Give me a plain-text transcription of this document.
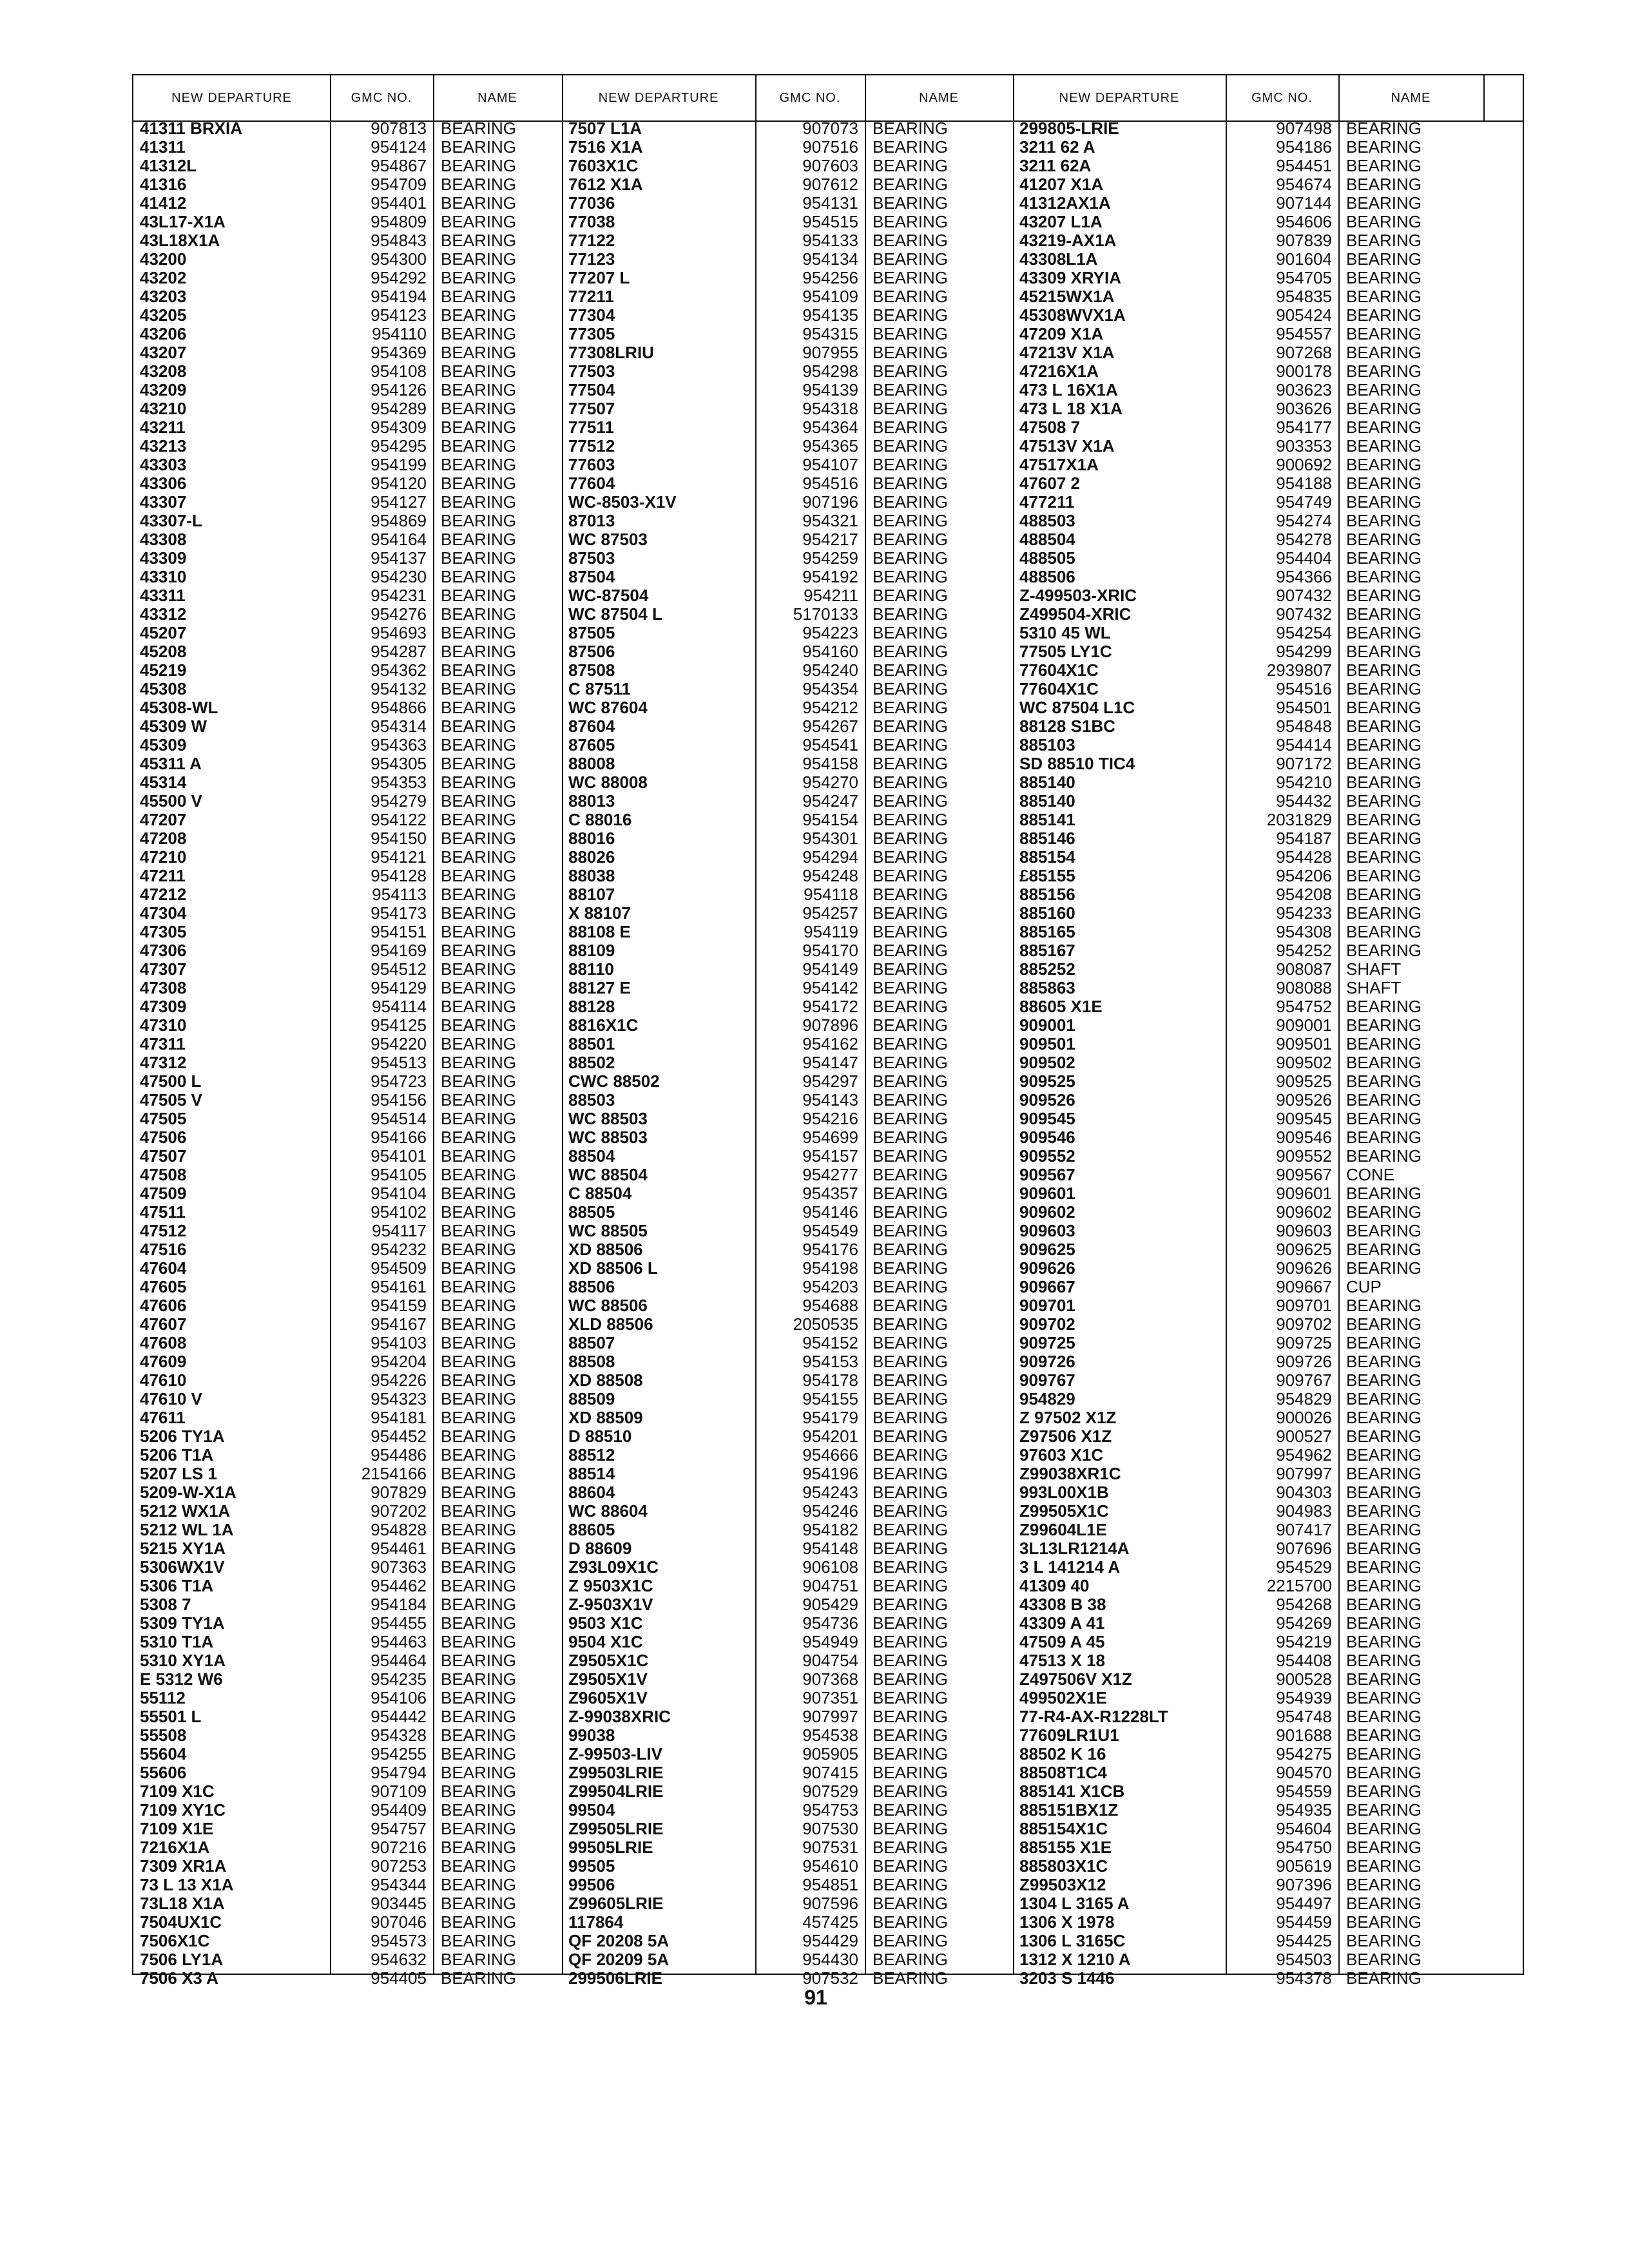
NEW DEPARTURE	GMC NO.	NAME	NEW DEPARTURE	GMC NO.	NAME	NEW DEPARTURE	GMC NO.	NAME
41311 BRXIA	907813 BEARING
41311	954124 BEARING
41312L	954867 BEARING
41316	954709 BEARING
41412	954401 BEARING
43L17-X1A	954809 BEARING
43L18X1A	954843 BEARING
43200	954300 BEARING
43202	954292 BEARING
43203	954194 BEARING
43205	954123 BEARING
43206	954110 BEARING
43207	954369 BEARING
43208	954108 BEARING
43209	954126 BEARING
43210	954289 BEARING
43211	954309 BEARING
43213	954295 BEARING
43303	954199 BEARING
43306	954120 BEARING
43307	954127 BEARING
43307-L	954869 BEARING
43308	954164 BEARING
43309	954137 BEARING
43310	954230 BEARING
43311	954231 BEARING
43312	954276 BEARING
45207	954693 BEARING
45208	954287 BEARING
45219	954362 BEARING
45308	954132 BEARING
45308-WL	954866 BEARING
45309 W	954314 BEARING
45309	954363 BEARING
45311 A	954305 BEARING
45314	954353 BEARING
45500 V	954279 BEARING
47207	954122 BEARING
47208	954150 BEARING
47210	954121 BEARING
47211	954128 BEARING
47212	954113 BEARING
47304	954173 BEARING
47305	954151 BEARING
47306	954169 BEARING
47307	954512 BEARING
47308	954129 BEARING
47309	954114 BEARING
47310	954125 BEARING
47311	954220 BEARING
47312	954513 BEARING
47500 L	954723 BEARING
47505 V	954156 BEARING
47505	954514 BEARING
47506	954166 BEARING
47507	954101 BEARING
47508	954105 BEARING
47509	954104 BEARING
47511	954102 BEARING
47512	954117 BEARING
47516	954232 BEARING
47604	954509 BEARING
47605	954161 BEARING
47606	954159 BEARING
47607	954167 BEARING
47608	954103 BEARING
47609	954204 BEARING
47610	954226 BEARING
47610 V	954323 BEARING
47611	954181 BEARING
5206 TY1A	954452 BEARING
5206 T1A	954486 BEARING
5207 LS 1	2154166 BEARING
5209-W-X1A	907829 BEARING
5212 WX1A	907202 BEARING
5212 WL 1A	954828 BEARING
5215 XY1A	954461 BEARING
5306WX1V	907363 BEARING
5306 T1A	954462 BEARING
5308 7	954184 BEARING
5309 TY1A	954455 BEARING
5310 T1A	954463 BEARING
5310 XY1A	954464 BEARING
E 5312 W6	954235 BEARING
55112	954106 BEARING
55501 L	954442 BEARING
55508	954328 BEARING
55604	954255 BEARING
55606	954794 BEARING
7109 X1C	907109 BEARING
7109 XY1C	954409 BEARING
7109 X1E	954757 BEARING
7216X1A	907216 BEARING
7309 XR1A	907253 BEARING
73 L 13 X1A	954344 BEARING
73L18 X1A	903445 BEARING
7504UX1C	907046 BEARING
7506X1C	954573 BEARING
7506 LY1A	954632 BEARING
7506 X3 A	954405 BEARING
7507 L1A	907073 BEARING
7516 X1A	907516 BEARING
7603X1C	907603 BEARING
7612 X1A	907612 BEARING
77036	954131 BEARING
77038	954515 BEARING
77122	954133 BEARING
77123	954134 BEARING
77207 L	954256 BEARING
77211	954109 BEARING
77304	954135 BEARING
77305	954315 BEARING
77308LRIU	907955 BEARING
77503	954298 BEARING
77504	954139 BEARING
77507	954318 BEARING
77511	954364 BEARING
77512	954365 BEARING
77603	954107 BEARING
77604	954516 BEARING
WC-8503-X1V	907196 BEARING
87013	954321 BEARING
WC 87503	954217 BEARING
87503	954259 BEARING
87504	954192 BEARING
WC-87504	954211 BEARING
WC 87504 L	5170133 BEARING
87505	954223 BEARING
87506	954160 BEARING
87508	954240 BEARING
C 87511	954354 BEARING
WC 87604	954212 BEARING
87604	954267 BEARING
87605	954541 BEARING
88008	954158 BEARING
WC 88008	954270 BEARING
88013	954247 BEARING
C 88016	954154 BEARING
88016	954301 BEARING
88026	954294 BEARING
88038	954248 BEARING
88107	954118 BEARING
X 88107	954257 BEARING
88108 E	954119 BEARING
88109	954170 BEARING
88110	954149 BEARING
88127 E	954142 BEARING
88128	954172 BEARING
8816X1C	907896 BEARING
88501	954162 BEARING
88502	954147 BEARING
CWC 88502	954297 BEARING
88503	954143 BEARING
WC 88503	954216 BEARING
WC 88503	954699 BEARING
88504	954157 BEARING
WC 88504	954277 BEARING
C 88504	954357 BEARING
88505	954146 BEARING
WC 88505	954549 BEARING
XD 88506	954176 BEARING
XD 88506 L	954198 BEARING
88506	954203 BEARING
WC 88506	954688 BEARING
XLD 88506	2050535 BEARING
88507	954152 BEARING
88508	954153 BEARING
XD 88508	954178 BEARING
88509	954155 BEARING
XD 88509	954179 BEARING
D 88510	954201 BEARING
88512	954666 BEARING
88514	954196 BEARING
88604	954243 BEARING
WC 88604	954246 BEARING
88605	954182 BEARING
D 88609	954148 BEARING
Z93L09X1C	906108 BEARING
Z 9503X1C	904751 BEARING
Z-9503X1V	905429 BEARING
9503 X1C	954736 BEARING
9504 X1C	954949 BEARING
Z9505X1C	904754 BEARING
Z9505X1V	907368 BEARING
Z9605X1V	907351 BEARING
Z-99038XRIC	907997 BEARING
99038	954538 BEARING
Z-99503-LIV	905905 BEARING
Z99503LRIE	907415 BEARING
Z99504LRIE	907529 BEARING
99504	954753 BEARING
Z99505LRIE	907530 BEARING
99505LRIE	907531 BEARING
99505	954610 BEARING
99506	954851 BEARING
Z99605LRIE	907596 BEARING
117864	457425 BEARING
QF 20208 5A	954429 BEARING
QF 20209 5A	954430 BEARING
299506LRIE	907532 BEARING
299805-LRIE	907498 BEARING
3211 62 A	954186 BEARING
3211 62A	954451 BEARING
41207 X1A	954674 BEARING
41312AX1A	907144 BEARING
43207 L1A	954606 BEARING
43219-AX1A	907839 BEARING
43308L1A	901604 BEARING
43309 XRYIA	954705 BEARING
45215WX1A	954835 BEARING
45308WVX1A	905424 BEARING
47209 X1A	954557 BEARING
47213V X1A	907268 BEARING
47216X1A	900178 BEARING
473 L 16X1A	903623 BEARING
473 L 18 X1A	903626 BEARING
47508 7	954177 BEARING
47513V X1A	903353 BEARING
47517X1A	900692 BEARING
47607 2	954188 BEARING
477211	954749 BEARING
488503	954274 BEARING
488504	954278 BEARING
488505	954404 BEARING
488506	954366 BEARING
Z-499503-XRIC	907432 BEARING
Z499504-XRIC	907432 BEARING
5310 45 WL	954254 BEARING
77505 LY1C	954299 BEARING
77604X1C	2939807 BEARING
77604X1C	954516 BEARING
WC 87504 L1C	954501 BEARING
88128 S1BC	954848 BEARING
885103	954414 BEARING
SD 88510 TIC4	907172 BEARING
885140	954210 BEARING
885140	954432 BEARING
885141	2031829 BEARING
885146	954187 BEARING
885154	954428 BEARING
£85155	954206 BEARING
885156	954208 BEARING
885160	954233 BEARING
885165	954308 BEARING
885167	954252 BEARING
885252	908087 SHAFT
885863	908088 SHAFT
88605 X1E	954752 BEARING
909001	909001 BEARING
909501	909501 BEARING
909502	909502 BEARING
909525	909525 BEARING
909526	909526 BEARING
909545	909545 BEARING
909546	909546 BEARING
909552	909552 BEARING
909567	909567 CONE
909601	909601 BEARING
909602	909602 BEARING
909603	909603 BEARING
909625	909625 BEARING
909626	909626 BEARING
909667	909667 CUP
909701	909701 BEARING
909702	909702 BEARING
909725	909725 BEARING
909726	909726 BEARING
909767	909767 BEARING
954829	954829 BEARING
Z 97502 X1Z	900026 BEARING
Z97506 X1Z	900527 BEARING
97603 X1C	954962 BEARING
Z99038XR1C	907997 BEARING
993L00X1B	904303 BEARING
Z99505X1C	904983 BEARING
Z99604L1E	907417 BEARING
3L13LR1214A	907696 BEARING
3 L 141214 A	954529 BEARING
41309 40	2215700 BEARING
43308 B 38	954268 BEARING
43309 A 41	954269 BEARING
47509 A 45	954219 BEARING
47513 X 18	954408 BEARING
Z497506V X1Z	900528 BEARING
499502X1E	954939 BEARING
77-R4-AX-R1228LT	954748 BEARING
77609LR1U1	901688 BEARING
88502 K 16	954275 BEARING
88508T1C4	904570 BEARING
885141 X1CB	954559 BEARING
885151BX1Z	954935 BEARING
885154X1C	954604 BEARING
885155 X1E	954750 BEARING
885803X1C	905619 BEARING
Z99503X12	907396 BEARING
1304 L 3165 A	954497 BEARING
1306 X 1978	954459 BEARING
1306 L 3165C	954425 BEARING
1312 X 1210 A	954503 BEARING
3203 S 1446	954378 BEARING
91
